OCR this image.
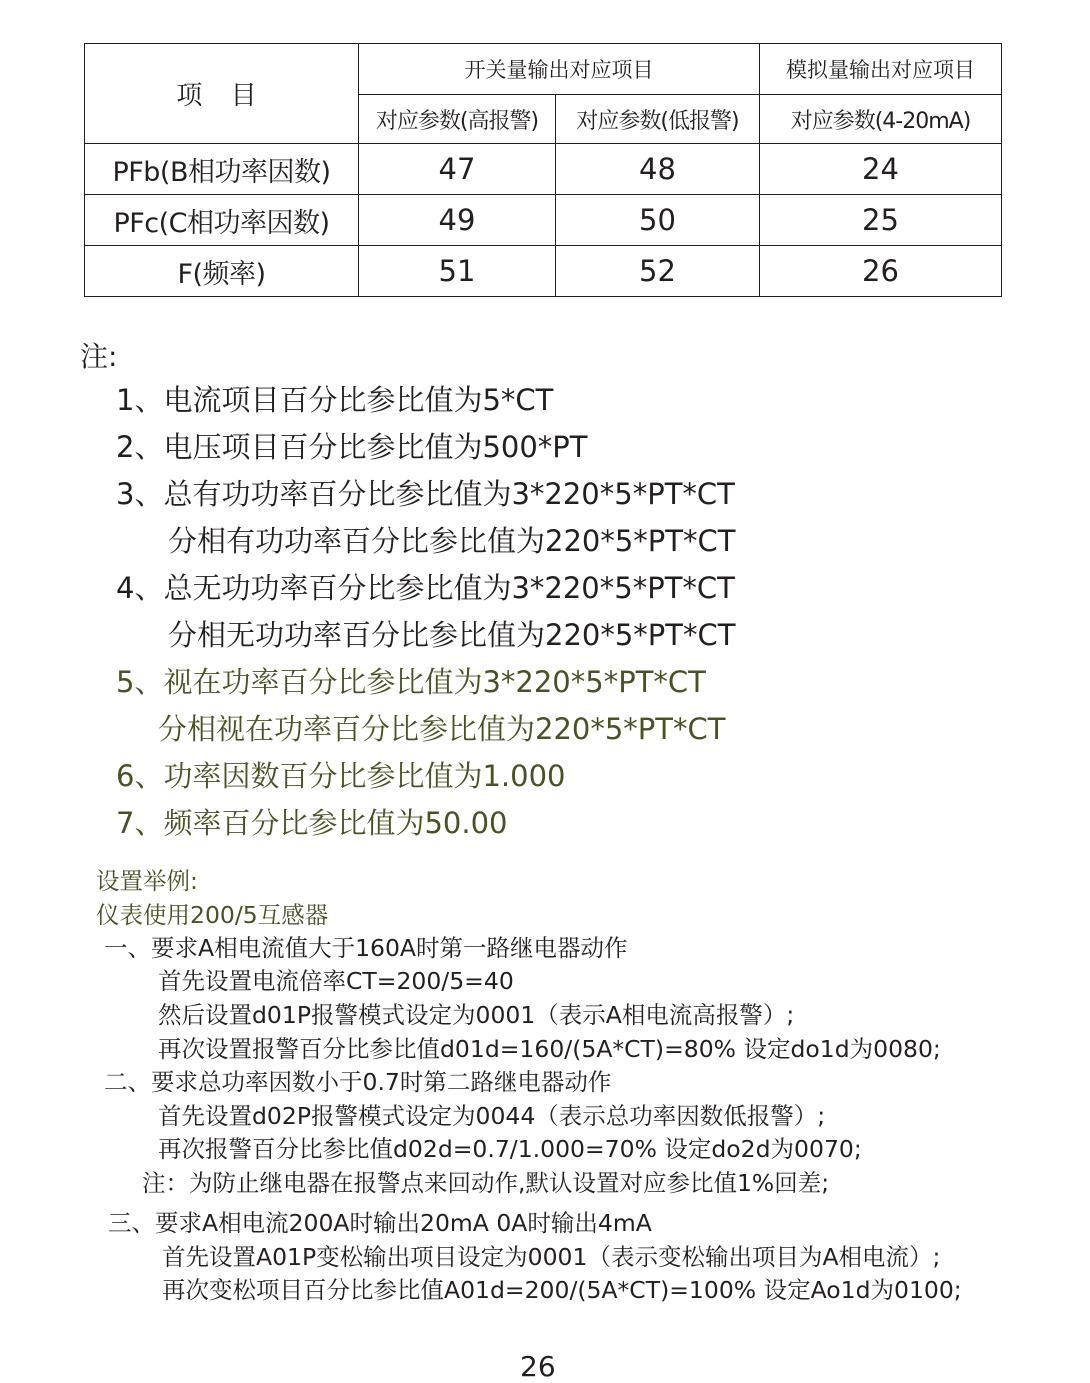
项 目	开关量输出对应项目		模拟量输出对应项目
	对应参数(高报警)	对应参数(低报警)	对应参数(4-20mA)
PFb(B相功率因数)	47	48	24
PFc(C相功率因数)	49	50	25
F(频率)	51	52	26
注:
1、电流项目百分比参比值为5*CT
2、电压项目百分比参比值为500*PT
3、总有功功率百分比参比值为3*220*5*PT*CT
分相有功功率百分比参比值为220*5*PT*CT
4、总无功功率百分比参比值为3*220*5*PT*CT
分相无功功率百分比参比值为220*5*PT*CT
5、视在功率百分比参比值为3*220*5*PT*CT
分相视在功率百分比参比值为220*5*PT*CT
6、功率因数百分比参比值为1.000
7、频率百分比参比值为50.00
设置举例:
仪表使用200/5互感器
一、要求A相电流值大于160A时第一路继电器动作
首先设置电流倍率CT=200/5=40
然后设置d01P报警模式设定为0001（表示A相电流高报警）;
再次设置报警百分比参比值d01d=160/(5A*CT)=80% 设定do1d为0080;
二、要求总功率因数小于0.7时第二路继电器动作
首先设置d02P报警模式设定为0044（表示总功率因数低报警）;
再次报警百分比参比值d02d=0.7/1.000=70% 设定do2d为0070;
注：为防止继电器在报警点来回动作,默认设置对应参比值1%回差;
三、要求A相电流200A时输出20mA 0A时输出4mA
首先设置A01P变松输出项目设定为0001（表示变松输出项目为A相电流）;
再次变松项目百分比参比值A01d=200/(5A*CT)=100% 设定Ao1d为0100;
26
